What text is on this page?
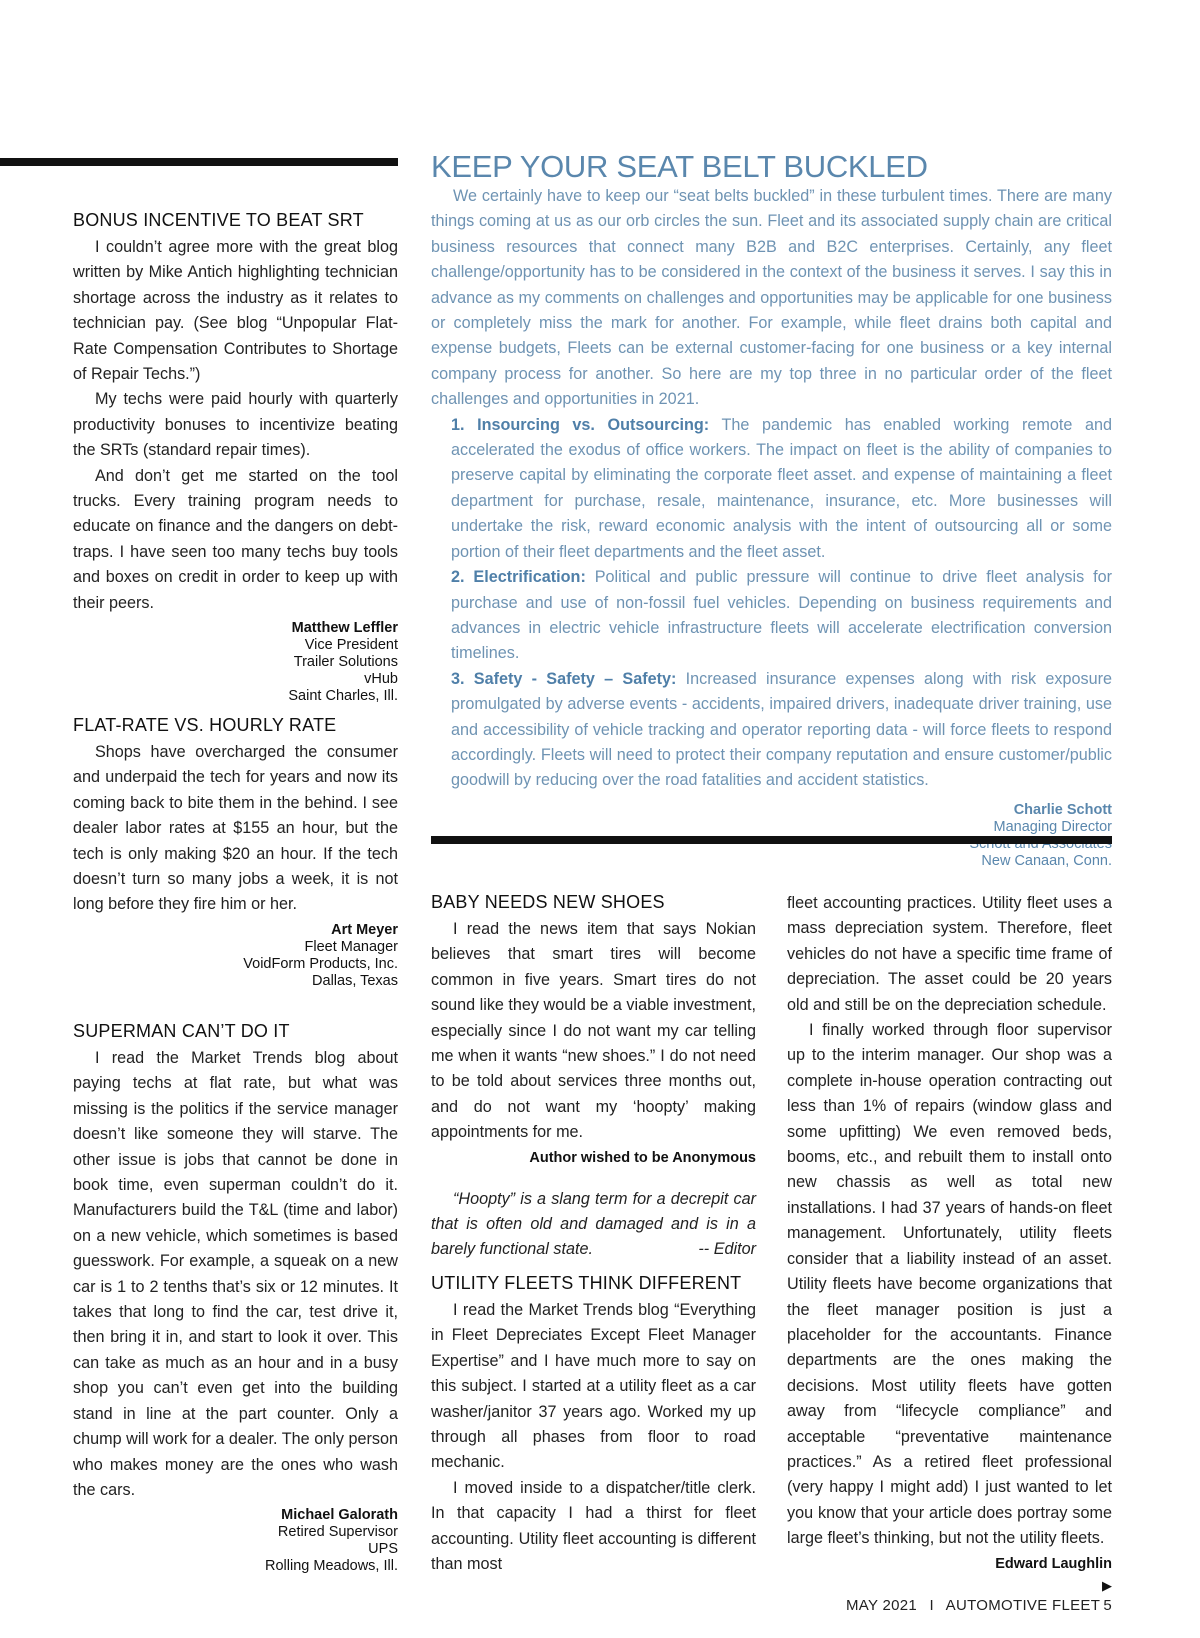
BONUS INCENTIVE TO BEAT SRT

I couldn’t agree more with the great blog written by Mike Antich highlighting technician shortage across the industry as it relates to technician pay. (See blog “Unpopular Flat-Rate Compensation Contributes to Shortage of Repair Techs.”)

My techs were paid hourly with quarterly productivity bonuses to incentivize beating the SRTs (standard repair times).

And don’t get me started on the tool trucks. Every training program needs to educate on finance and the dangers on debt-traps. I have seen too many techs buy tools and boxes on credit in order to keep up with their peers.

Matthew Leffler
Vice President
Trailer Solutions
vHub
Saint Charles, Ill.
FLAT-RATE VS. HOURLY RATE

Shops have overcharged the consumer and underpaid the tech for years and now its coming back to bite them in the behind. I see dealer labor rates at $155 an hour, but the tech is only making $20 an hour. If the tech doesn’t turn so many jobs a week, it is not long before they fire him or her.

Art Meyer
Fleet Manager
VoidForm Products, Inc.
Dallas, Texas
SUPERMAN CAN’T DO IT

I read the Market Trends blog about paying techs at flat rate, but what was missing is the politics if the service manager doesn’t like someone they will starve. The other issue is jobs that cannot be done in book time, even superman couldn’t do it. Manufacturers build the T&L (time and labor) on a new vehicle, which sometimes is based guesswork. For example, a squeak on a new car is 1 to 2 tenths that’s six or 12 minutes. It takes that long to find the car, test drive it, then bring it in, and start to look it over. This can take as much as an hour and in a busy shop you can’t even get into the building stand in line at the part counter. Only a chump will work for a dealer. The only person who makes money are the ones who wash the cars.

Michael Galorath
Retired Supervisor
UPS
Rolling Meadows, Ill.
KEEP YOUR SEAT BELT BUCKLED

We certainly have to keep our “seat belts buckled” in these turbulent times. There are many things coming at us as our orb circles the sun. Fleet and its associated supply chain are critical business resources that connect many B2B and B2C enterprises. Certainly, any fleet challenge/opportunity has to be considered in the context of the business it serves. I say this in advance as my comments on challenges and opportunities may be applicable for one business or completely miss the mark for another. For example, while fleet drains both capital and expense budgets, Fleets can be external customer-facing for one business or a key internal company process for another. So here are my top three in no particular order of the fleet challenges and opportunities in 2021.

1. Insourcing vs. Outsourcing: The pandemic has enabled working remote and accelerated the exodus of office workers. The impact on fleet is the ability of companies to preserve capital by eliminating the corporate fleet asset. and expense of maintaining a fleet department for purchase, resale, maintenance, insurance, etc. More businesses will undertake the risk, reward economic analysis with the intent of outsourcing all or some portion of their fleet departments and the fleet asset.
2. Electrification: Political and public pressure will continue to drive fleet analysis for purchase and use of non-fossil fuel vehicles. Depending on business requirements and advances in electric vehicle infrastructure fleets will accelerate electrification conversion timelines.
3. Safety - Safety – Safety: Increased insurance expenses along with risk exposure promulgated by adverse events - accidents, impaired drivers, inadequate driver training, use and accessibility of vehicle tracking and operator reporting data - will force fleets to respond accordingly. Fleets will need to protect their company reputation and ensure customer/public goodwill by reducing over the road fatalities and accident statistics.
Charlie Schott
Managing Director
New Canaan, Conn.
BABY NEEDS NEW SHOES

I read the news item that says Nokian believes that smart tires will become common in five years. Smart tires do not sound like they would be a viable investment, especially since I do not want my car telling me when it wants “new shoes.” I do not need to be told about services three months out, and do not want my ‘hoopty’ making appointments for me.

Author wished to be Anonymous

“Hoopty” is a slang term for a decrepit car that is often old and damaged and is in a barely functional state.	-- Editor

UTILITY FLEETS THINK DIFFERENT

I read the Market Trends blog “Everything in Fleet Depreciates Except Fleet Manager Expertise” and I have much more to say on this subject. I started at a utility fleet as a car washer/janitor 37 years ago. Worked my up through all phases from floor to road mechanic.

I moved inside to a dispatcher/title clerk. In that capacity I had a thirst for fleet accounting. Utility fleet accounting is different than most

fleet accounting practices. Utility fleet uses a mass depreciation system. Therefore, fleet vehicles do not have a specific time frame of depreciation. The asset could be 20 years old and still be on the depreciation schedule.

I finally worked through floor supervisor up to the interim manager. Our shop was a complete in-house operation contracting out less than 1% of repairs (window glass and some upfitting) We even removed beds, booms, etc., and rebuilt them to install onto new chassis as well as total new installations. I had 37 years of hands-on fleet management. Unfortunately, utility fleets consider that a liability instead of an asset. Utility fleets have become organizations that the fleet manager position is just a placeholder for the accountants. Finance departments are the ones making the decisions. Most utility fleets have gotten away from “lifecycle compliance” and acceptable “preventative maintenance practices.” As a retired fleet professional (very happy I might add) I just wanted to let you know that your article does portray some large fleet’s thinking, but not the utility fleets.

Edward Laughlin
▶
MAY 2021 I AUTOMOTIVE FLEET 5
